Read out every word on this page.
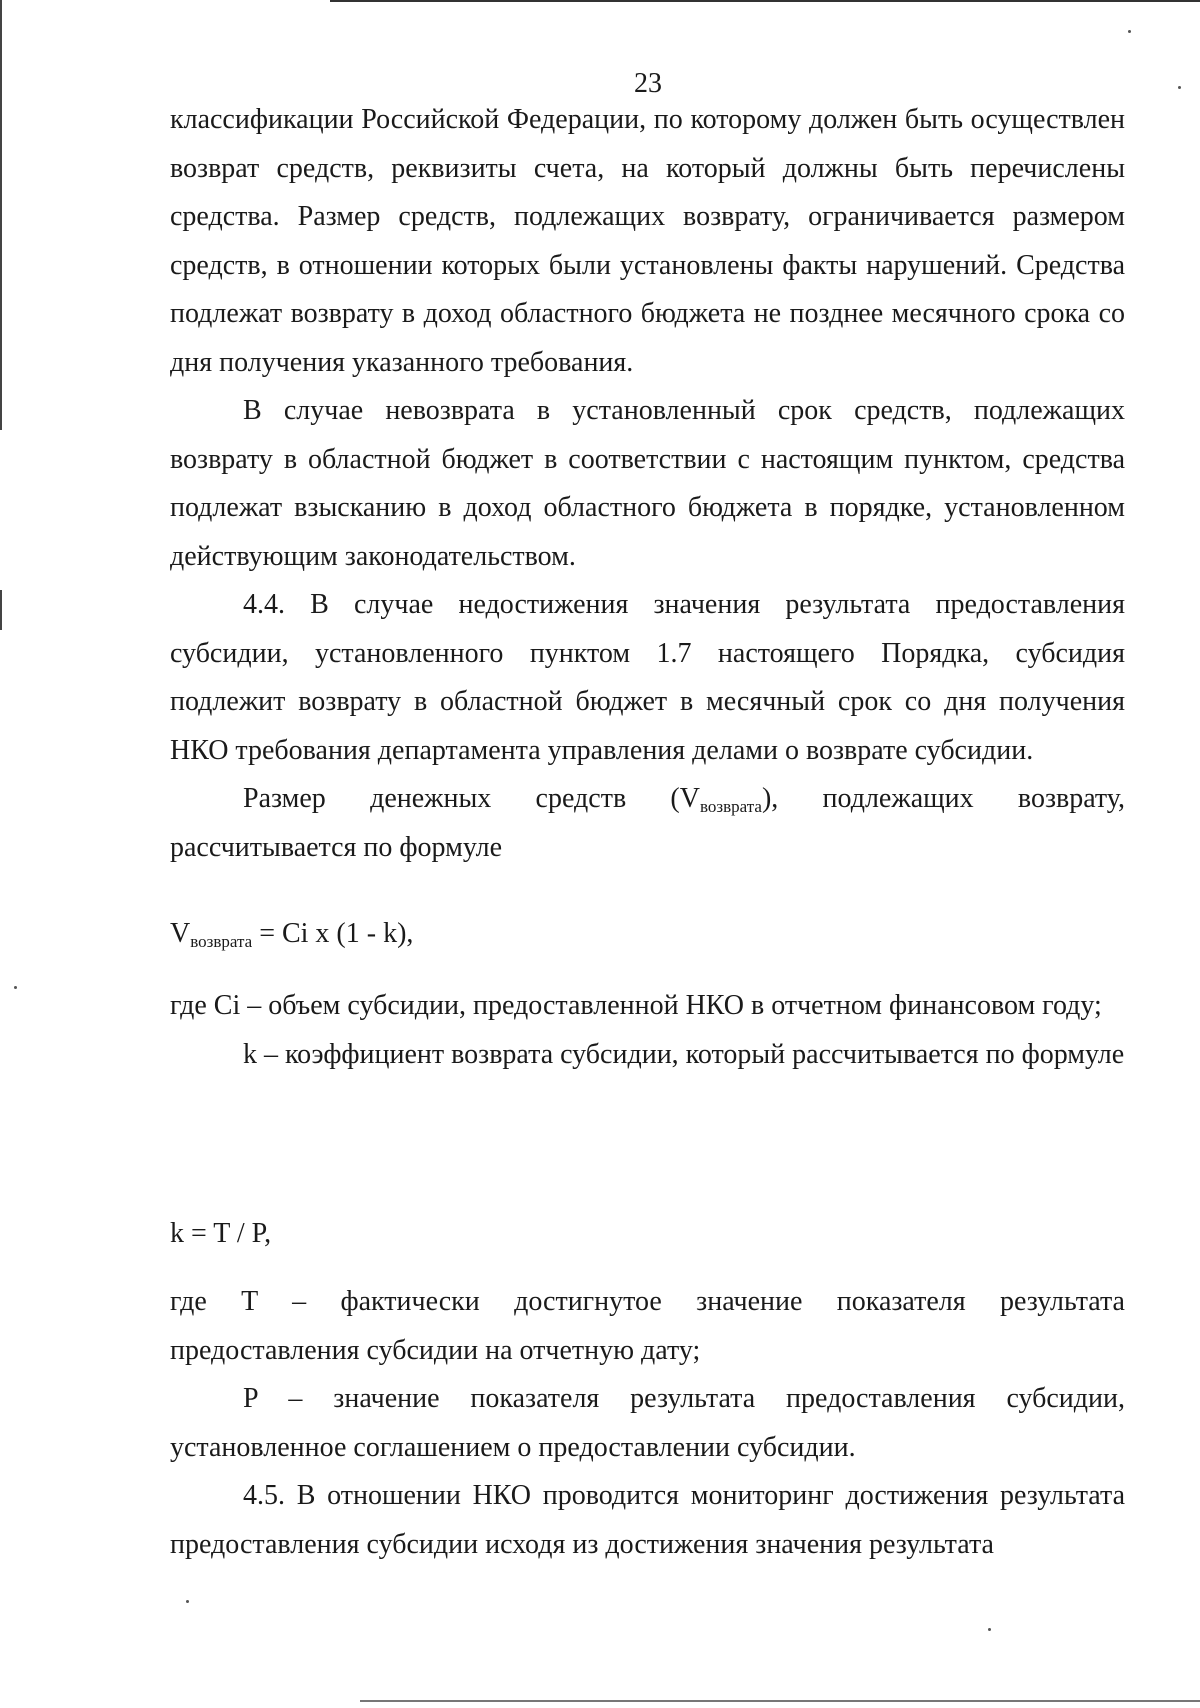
23

классификации Российской Федерации, по которому должен быть осуществлен возврат средств, реквизиты счета, на который должны быть перечислены средства. Размер средств, подлежащих возврату, ограничивается размером средств, в отношении которых были установлены факты нарушений. Средства подлежат возврату в доход областного бюджета не позднее месячного срока со дня получения указанного требования.

В случае невозврата в установленный срок средств, подлежащих возврату в областной бюджет в соответствии с настоящим пунктом, средства подлежат взысканию в доход областного бюджета в порядке, установленном действующим законодательством.

4.4. В случае недостижения значения результата предоставления субсидии, установленного пунктом 1.7 настоящего Порядка, субсидия подлежит возврату в областной бюджет в месячный срок со дня получения НКО требования департамента управления делами о возврате субсидии.

Размер денежных средств $(V_{возврата})$, подлежащих возврату, рассчитывается по формуле

$V_{возврата} = Ci$ x (1 - k),

где Ci – объем субсидии, предоставленной НКО в отчетном финансовом году;

k – коэффициент возврата субсидии, который рассчитывается по формуле

k = T / P,

где T – фактически достигнутое значение показателя результата предоставления субсидии на отчетную дату;

P – значение показателя результата предоставления субсидии, установленное соглашением о предоставлении субсидии.

4.5. В отношении НКО проводится мониторинг достижения результата предоставления субсидии исходя из достижения значения результата
